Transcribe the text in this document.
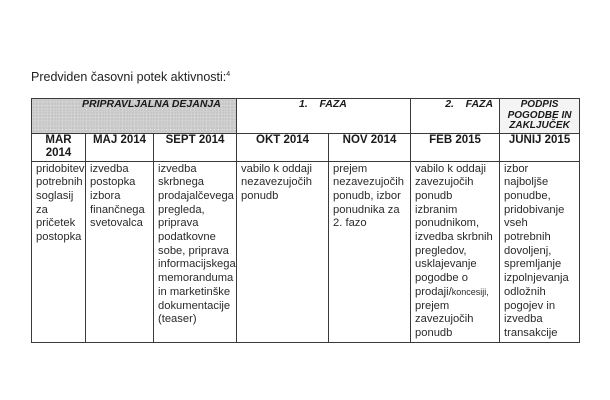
Predviden časovni potek aktivnosti:$^4$
PRIPRAVLJALNA DEJANJA			1.    FAZA		2.    FAZA	PODPIS POGODBE IN ZAKLJUČEK
MAR 2014	MAJ 2014	SEPT 2014	OKT 2014	NOV 2014	FEB 2015	JUNIJ 2015
pridobitev potrebnih soglasij za pričetek postopka	izvedba postopka izbora finančnega svetovalca	izvedba skrbnega prodajalčevega pregleda, priprava podatkovne sobe, priprava informacijskega memoranduma in marketinške dokumentacije (teaser)	vabilo k oddaji nezavezujočih ponudb	prejem nezavezujočih ponudb, izbor ponudnika za 2. fazo	vabilo k oddaji zavezujočih ponudb izbranim ponudnikom, izvedba skrbnih pregledov, usklajevanje pogodbe o prodaji/koncesiji, prejem zavezujočih ponudb	izbor najboljše ponudbe, pridobivanje vseh potrebnih dovoljenj, spremljanje izpolnjevanja odložnih pogojev in izvedba transakcije
